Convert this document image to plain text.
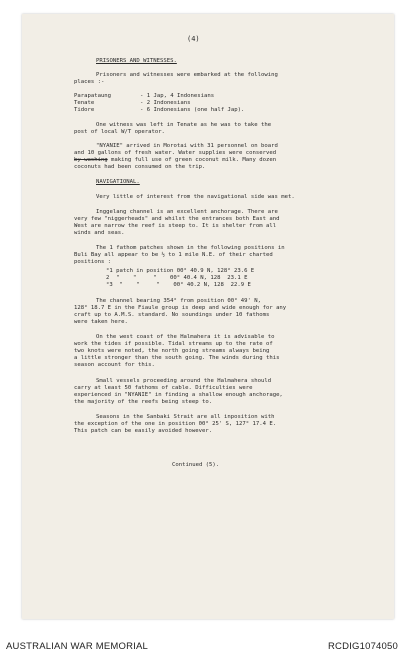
(4)
PRISONERS AND WITNESSES.
Prisoners and witnesses were embarked at the following
places :-
Parapataung	- 1 Jap, 4 Indonesians
Tenate	- 2 Indonesians
Tidore	- 6 Indonesians (one half Jap).
One witness was left in Tenate as he was to take the
post of local W/T operator.
"NYANIE" arrived in Morotai with 31 personnel on board
and 10 gallons of fresh water. Water supplies were conserved
by washing making full use of green coconut milk. Many dozen
coconuts had been consumed on the trip.
NAVIGATIONAL.
Very little of interest from the navigational side was met.
Inggelang channel is an excellent anchorage. There are
very few "niggerheads" and whilst the entrances both East and
West are narrow the reef is steep to. It is shelter from all
winds and seas.
The 1 fathom patches shown in the following positions in
Buli Bay all appear to be ½ to 1 mile N.E. of their charted
positions :
°1 patch in position 00° 40.9 N, 128° 23.6 E
2  "    "     "    00° 40.4 N, 128  23.1 E
°3  "    "     "    00° 40.2 N, 128  22.9 E
The channel bearing 354° from position 00° 49' N,
128° 18.7 E in the Fiaule group is deep and wide enough for any
craft up to A.M.S. standard. No soundings under 10 fathoms
were taken here.
On the west coast of the Halmahera it is advisable to
work the tides if possible. Tidal streams up to the rate of
two knots were noted, the north going streams always being
a little stronger than the south going. The winds during this
season account for this.
Small vessels proceeding around the Halmahera should
carry at least 50 fathoms of cable. Difficulties were
experienced in "NYANIE" in finding a shallow enough anchorage,
the majority of the reefs being steep to.
Seasons in the Sanbaki Strait are all inposition with
the exception of the one in position 00° 25' S, 127° 17.4 E.
This patch can be easily avoided however.
Continued (5).
AUSTRALIAN WAR MEMORIAL	RCDIG1074050
